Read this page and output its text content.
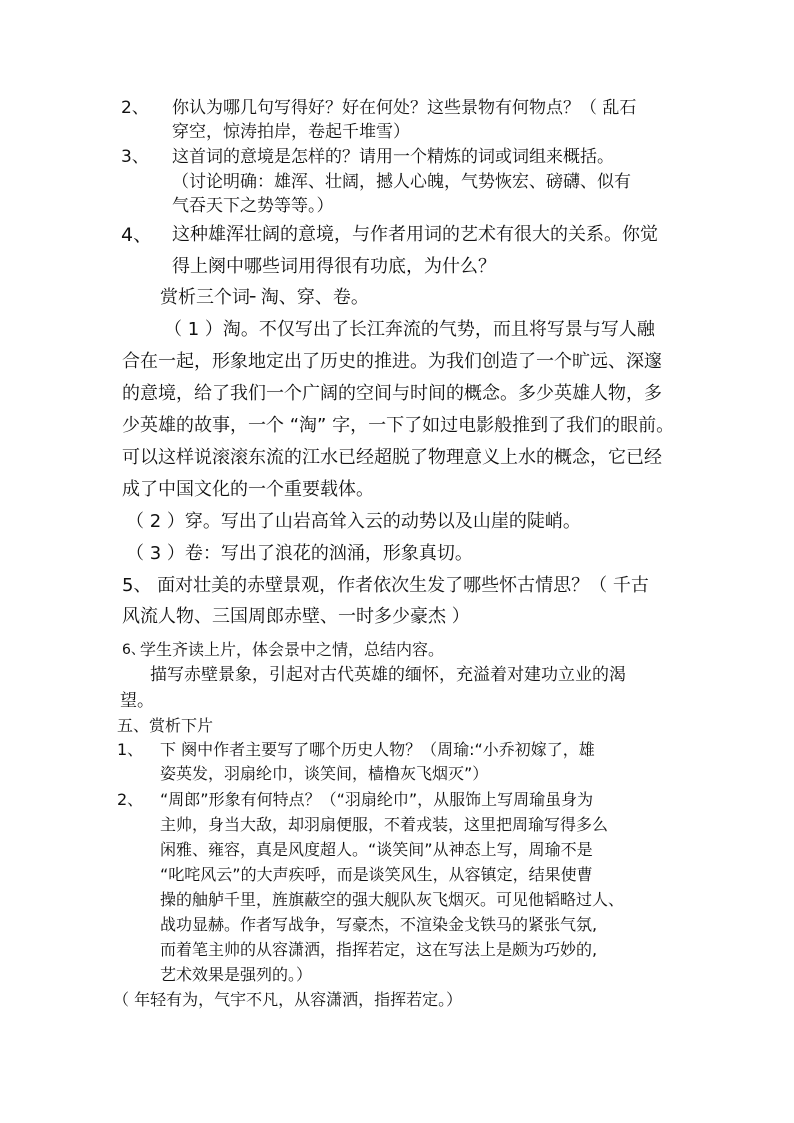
2、 你认为哪几句写得好？好在何处？这些景物有何物点？（ 乱石
穿空，惊涛拍岸，卷起千堆雪）
3、 这首词的意境是怎样的？请用一个精炼的词或词组来概括。
（讨论明确：雄浑、壮阔，撼人心魄，气势恢宏、磅礴、似有
气吞天下之势等等。）
4、 这种雄浑壮阔的意境，与作者用词的艺术有很大的关系。你觉
得上阕中哪些词用得很有功底，为什么？
赏析三个词╴淘、穿、卷。
（ 1 ）淘。不仅写出了长江奔流的气势，而且将写景与写人融
合在一起，形象地定出了历史的推进。为我们创造了一个旷远、深邃
的意境，给了我们一个广阔的空间与时间的概念。多少英雄人物，多
少英雄的故事，一个 “淘” 字，一下了如过电影般推到了我们的眼前。
可以这样说滚滚东流的江水已经超脱了物理意义上水的概念，它已经
成了中国文化的一个重要载体。
（ 2 ）穿。写出了山岩高耸入云的动势以及山崖的陡峭。
（ 3 ）卷：写出了浪花的汹涌，形象真切。
5、 面对壮美的赤壁景观，作者依次生发了哪些怀古情思？（ 千古
风流人物、三国周郎赤壁、一时多少豪杰 ）
6、
学生齐读上片，体会景中之情，总结内容。
描写赤壁景象，引起对古代英雄的缅怀，充溢着对建功立业的渴
望。
五、赏析下片
1、 下 阕中作者主要写了哪个历史人物？（周瑜:“小乔初嫁了，雄
姿英发，羽扇纶巾，谈笑间，樯橹灰飞烟灭”）
2、 “周郎”形象有何特点？（“羽扇纶巾”，从服饰上写周瑜虽身为
主帅，身当大敌，却羽扇便服，不着戎装，这里把周瑜写得多么
闲雅、雍容，真是风度超人。“谈笑间”从神态上写，周瑜不是
“叱咤风云”的大声疾呼，而是谈笑风生，从容镇定，结果使曹
操的舳舻千里，旌旗蔽空的强大舰队灰飞烟灭。可见他韬略过人、
战功显赫。作者写战争，写豪杰，不渲染金戈铁马的紧张气氛,
而着笔主帅的从容潇洒，指挥若定，这在写法上是颇为巧妙的,
艺术效果是强列的。）
（ 年轻有为，气宇不凡，从容潇洒，指挥若定。）
